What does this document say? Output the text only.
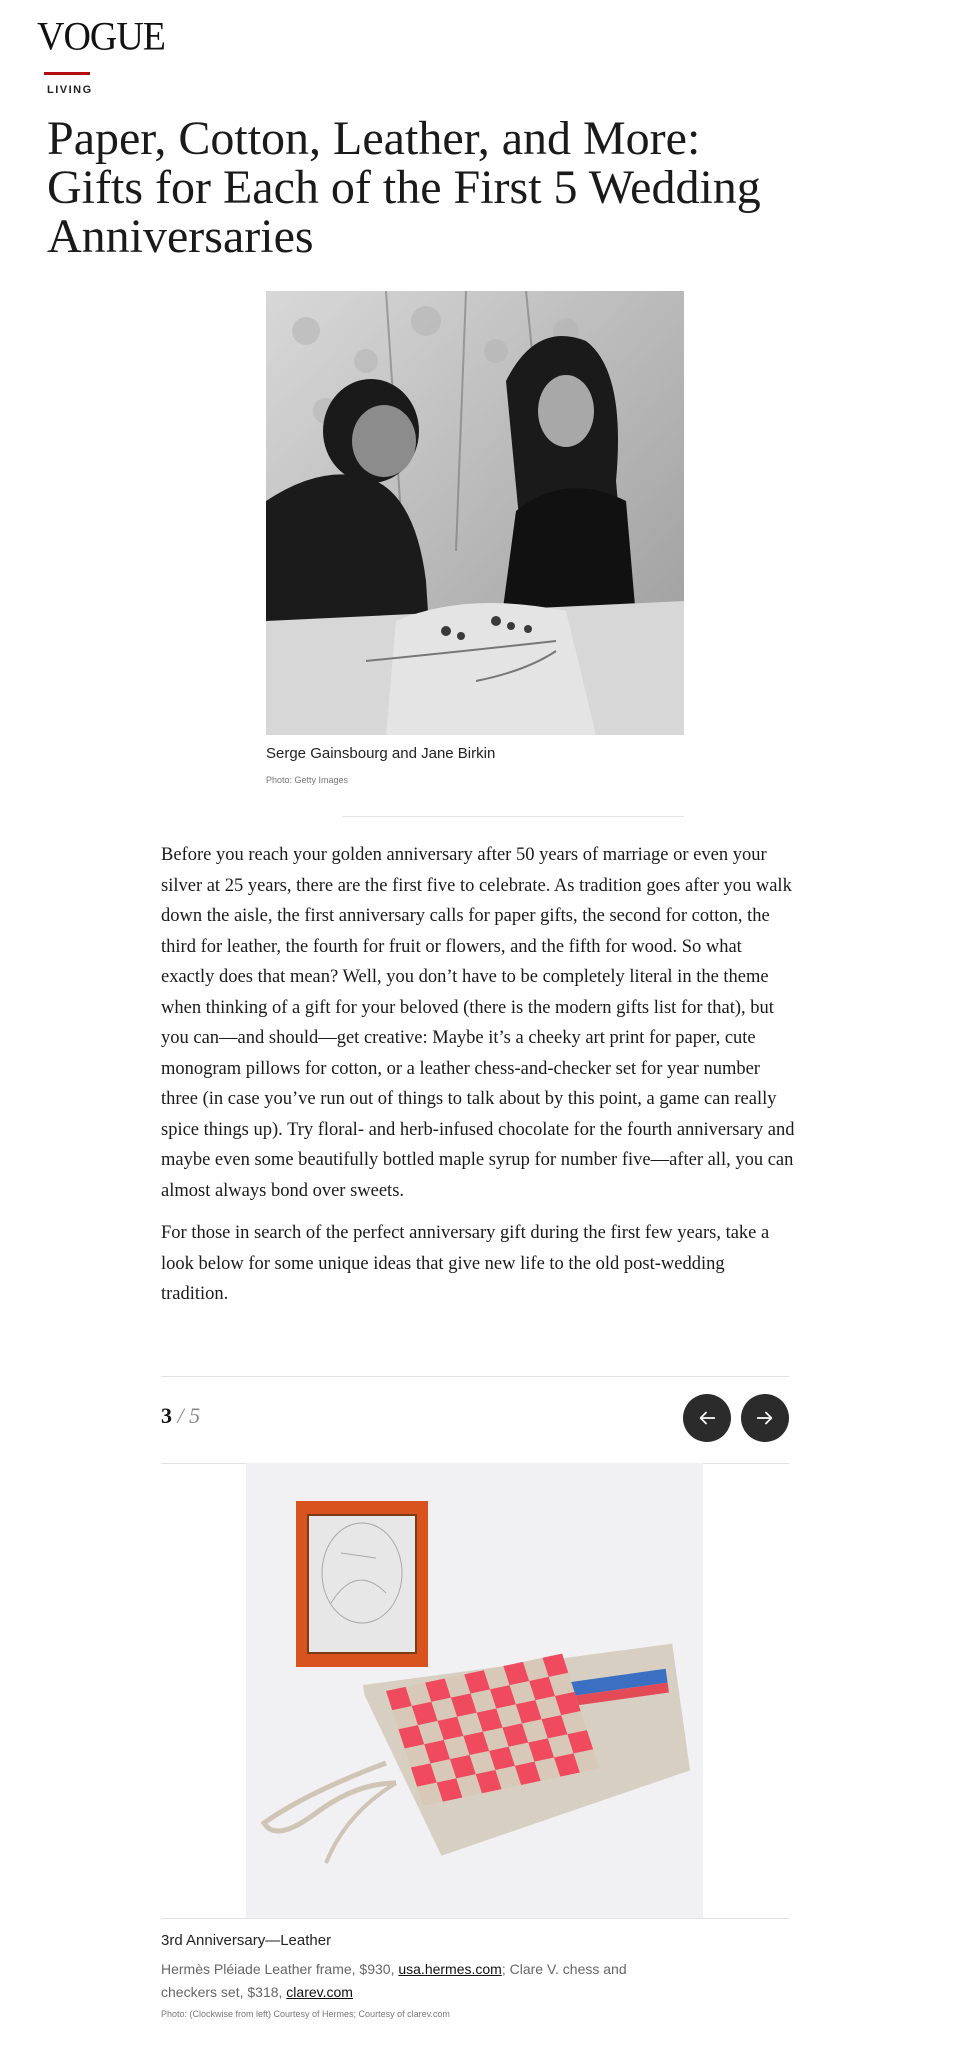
VOGUE
LIVING
Paper, Cotton, Leather, and More: Gifts for Each of the First 5 Wedding Anniversaries
Serge Gainsbourg and Jane Birkin
Photo: Getty Images

Before you reach your golden anniversary after 50 years of marriage or even your silver at 25 years, there are the first five to celebrate. As tradition goes after you walk down the aisle, the first anniversary calls for paper gifts, the second for cotton, the third for leather, the fourth for fruit or flowers, and the fifth for wood. So what exactly does that mean? Well, you don’t have to be completely literal in the theme when thinking of a gift for your beloved (there is the modern gifts list for that), but you can—and should—get creative: Maybe it’s a cheeky art print for paper, cute monogram pillows for cotton, or a leather chess-and-checker set for year number three (in case you’ve run out of things to talk about by this point, a game can really spice things up). Try floral- and herb-infused chocolate for the fourth anniversary and maybe even some beautifully bottled maple syrup for number five—after all, you can almost always bond over sweets.

For those in search of the perfect anniversary gift during the first few years, take a look below for some unique ideas that give new life to the old post-wedding tradition.

3 / 5
3rd Anniversary—Leather
Hermès Pléiade Leather frame, $930, usa.hermes.com; Clare V. chess and checkers set, $318, clarev.com
Photo: (Clockwise from left) Courtesy of Hermes; Courtesy of clarev.com
